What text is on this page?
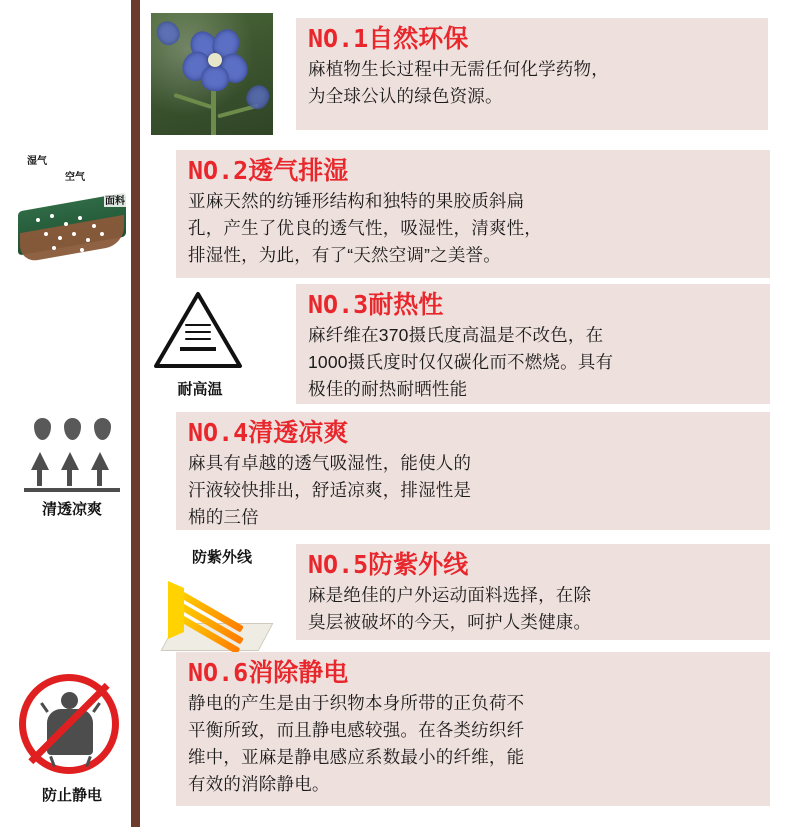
NO.1自然环保

麻植物生长过程中无需任何化学药物，

为全球公认的绿色资源。

湿气
空气
面料

NO.2透气排湿

亚麻天然的纺锤形结构和独特的果胶质斜扁

孔，产生了优良的透气性，吸湿性，清爽性，

排湿性，为此，有了“天然空调”之美誉。

耐高温

NO.3耐热性

麻纤维在370摄氏度高温是不改色，在

1000摄氏度时仅仅碳化而不燃烧。具有

极佳的耐热耐晒性能

清透凉爽

NO.4清透凉爽

麻具有卓越的透气吸湿性，能使人的

汗液较快排出，舒适凉爽，排湿性是

棉的三倍

防紫外线	NO.5防紫外线

麻是绝佳的户外运动面料选择，在除

臭层被破坏的今天，呵护人类健康。

防止静电

NO.6消除静电

静电的产生是由于织物本身所带的正负荷不

平衡所致，而且静电感较强。在各类纺织纤

维中，亚麻是静电感应系数最小的纤维，能

有效的消除静电。
